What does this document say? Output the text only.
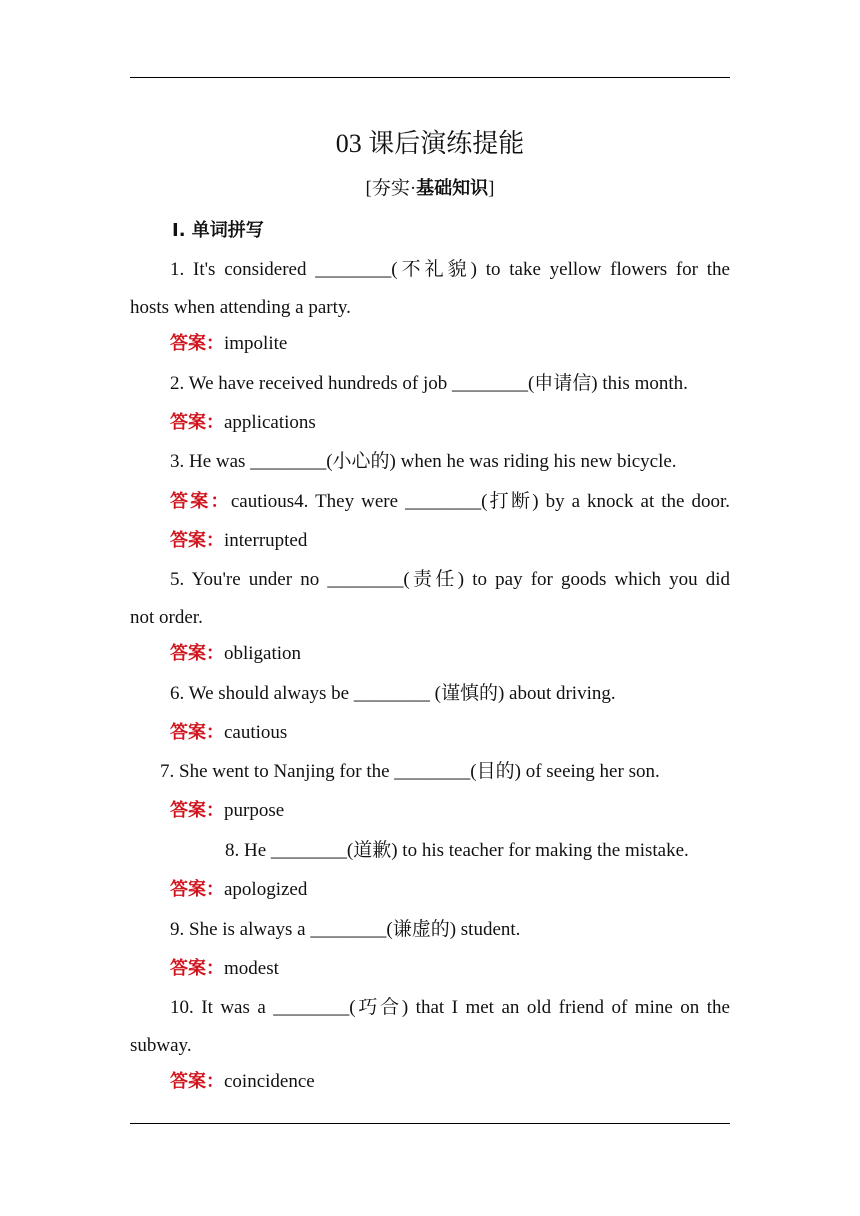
03 课后演练提能
[夯实·基础知识]
Ⅰ. 单词拼写
1. It's considered ________(不礼貌) to take yellow flowers for the
hosts when attending a party.
答案：impolite
2. We have received hundreds of job ________(申请信) this month.
答案：applications
3. He was ________(小心的) when he was riding his new bicycle.
答案：cautious4. They were ________(打断) by a knock at the door.
答案：interrupted
5. You're under no ________(责任) to pay for goods which you did
not order.
答案：obligation
6. We should always be ________ (谨慎的) about driving.
答案：cautious
7. She went to Nanjing for the ________(目的) of seeing her son.
答案：purpose
8. He ________(道歉) to his teacher for making the mistake.
答案：apologized
9. She is always a ________(谦虚的) student.
答案：modest
10. It was a ________(巧合) that I met an old friend of mine on the
subway.
答案：coincidence
